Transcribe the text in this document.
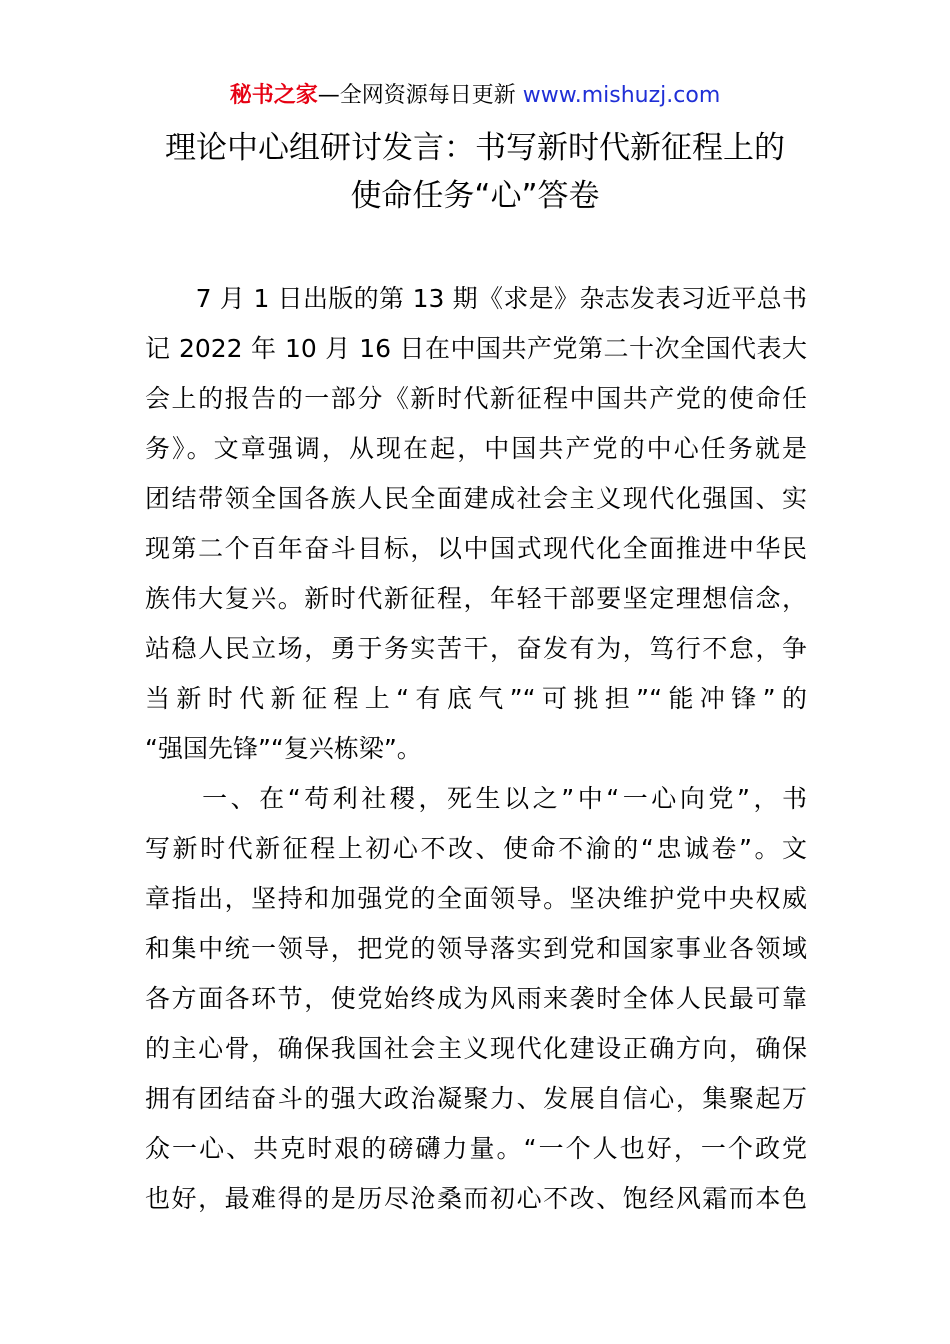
秘书之家—全网资源每日更新 www.mishuzj.com
理论中心组研讨发言：书写新时代新征程上的
使命任务“心”答卷
　　7 月 1 日出版的第 13 期《求是》杂志发表习近平总书
记 2022 年 10 月 16 日在中国共产党第二十次全国代表大
会上的报告的一部分《新时代新征程中国共产党的使命任
务》。文章强调，从现在起，中国共产党的中心任务就是
团结带领全国各族人民全面建成社会主义现代化强国、实
现第二个百年奋斗目标，以中国式现代化全面推进中华民
族伟大复兴。新时代新征程，年轻干部要坚定理想信念，
站稳人民立场，勇于务实苦干，奋发有为，笃行不怠，争
当新时代新征程上“有底气”“可挑担”“能冲锋”的
“强国先锋”“复兴栋梁”。
　　一、在“苟利社稷，死生以之”中“一心向党”，书
写新时代新征程上初心不改、使命不渝的“忠诚卷”。文
章指出，坚持和加强党的全面领导。坚决维护党中央权威
和集中统一领导，把党的领导落实到党和国家事业各领域
各方面各环节，使党始终成为风雨来袭时全体人民最可靠
的主心骨，确保我国社会主义现代化建设正确方向，确保
拥有团结奋斗的强大政治凝聚力、发展自信心，集聚起万
众一心、共克时艰的磅礴力量。“一个人也好，一个政党
也好，最难得的是历尽沧桑而初心不改、饱经风霜而本色
